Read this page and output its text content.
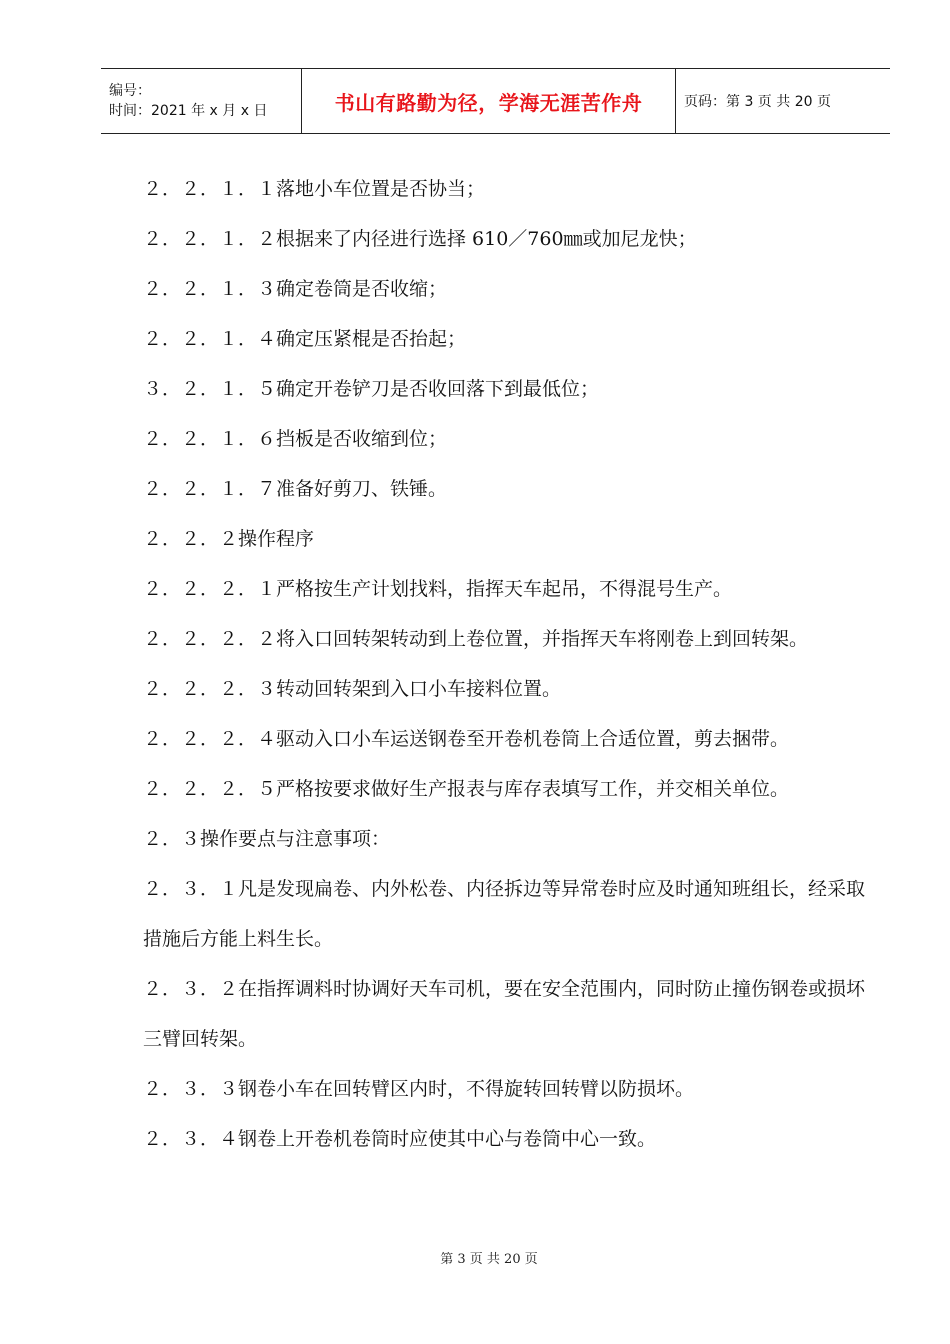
编号：
时间：2021 年 x 月 x 日	书山有路勤为径，学海无涯苦作舟	页码：第 3 页 共 20 页

２．２．１．１落地小车位置是否协当；

２．２．１．２根据来了内径进行选择 610／760㎜或加尼龙快；

２．２．１．３确定卷筒是否收缩；

２．２．１．４确定压紧棍是否抬起；

３．２．１．５确定开卷铲刀是否收回落下到最低位；

２．２．１．６挡板是否收缩到位；

２．２．１．７准备好剪刀、铁锤。

２．２．２操作程序

２．２．２．１严格按生产计划找料，指挥天车起吊，不得混号生产。

２．２．２．２将入口回转架转动到上卷位置，并指挥天车将刚卷上到回转架。

２．２．２．３转动回转架到入口小车接料位置。

２．２．２．４驱动入口小车运送钢卷至开卷机卷筒上合适位置，剪去捆带。

２．２．２．５严格按要求做好生产报表与库存表填写工作，并交相关单位。

２．３操作要点与注意事项：

２．３．１凡是发现扁卷、内外松卷、内径拆边等异常卷时应及时通知班组长，经采取措施后方能上料生长。

２．３．２在指挥调料时协调好天车司机，要在安全范围内，同时防止撞伤钢卷或损坏三臂回转架。

２．３．３钢卷小车在回转臂区内时，不得旋转回转臂以防损坏。

２．３．４钢卷上开卷机卷筒时应使其中心与卷筒中心一致。

第 3 页 共 20 页
